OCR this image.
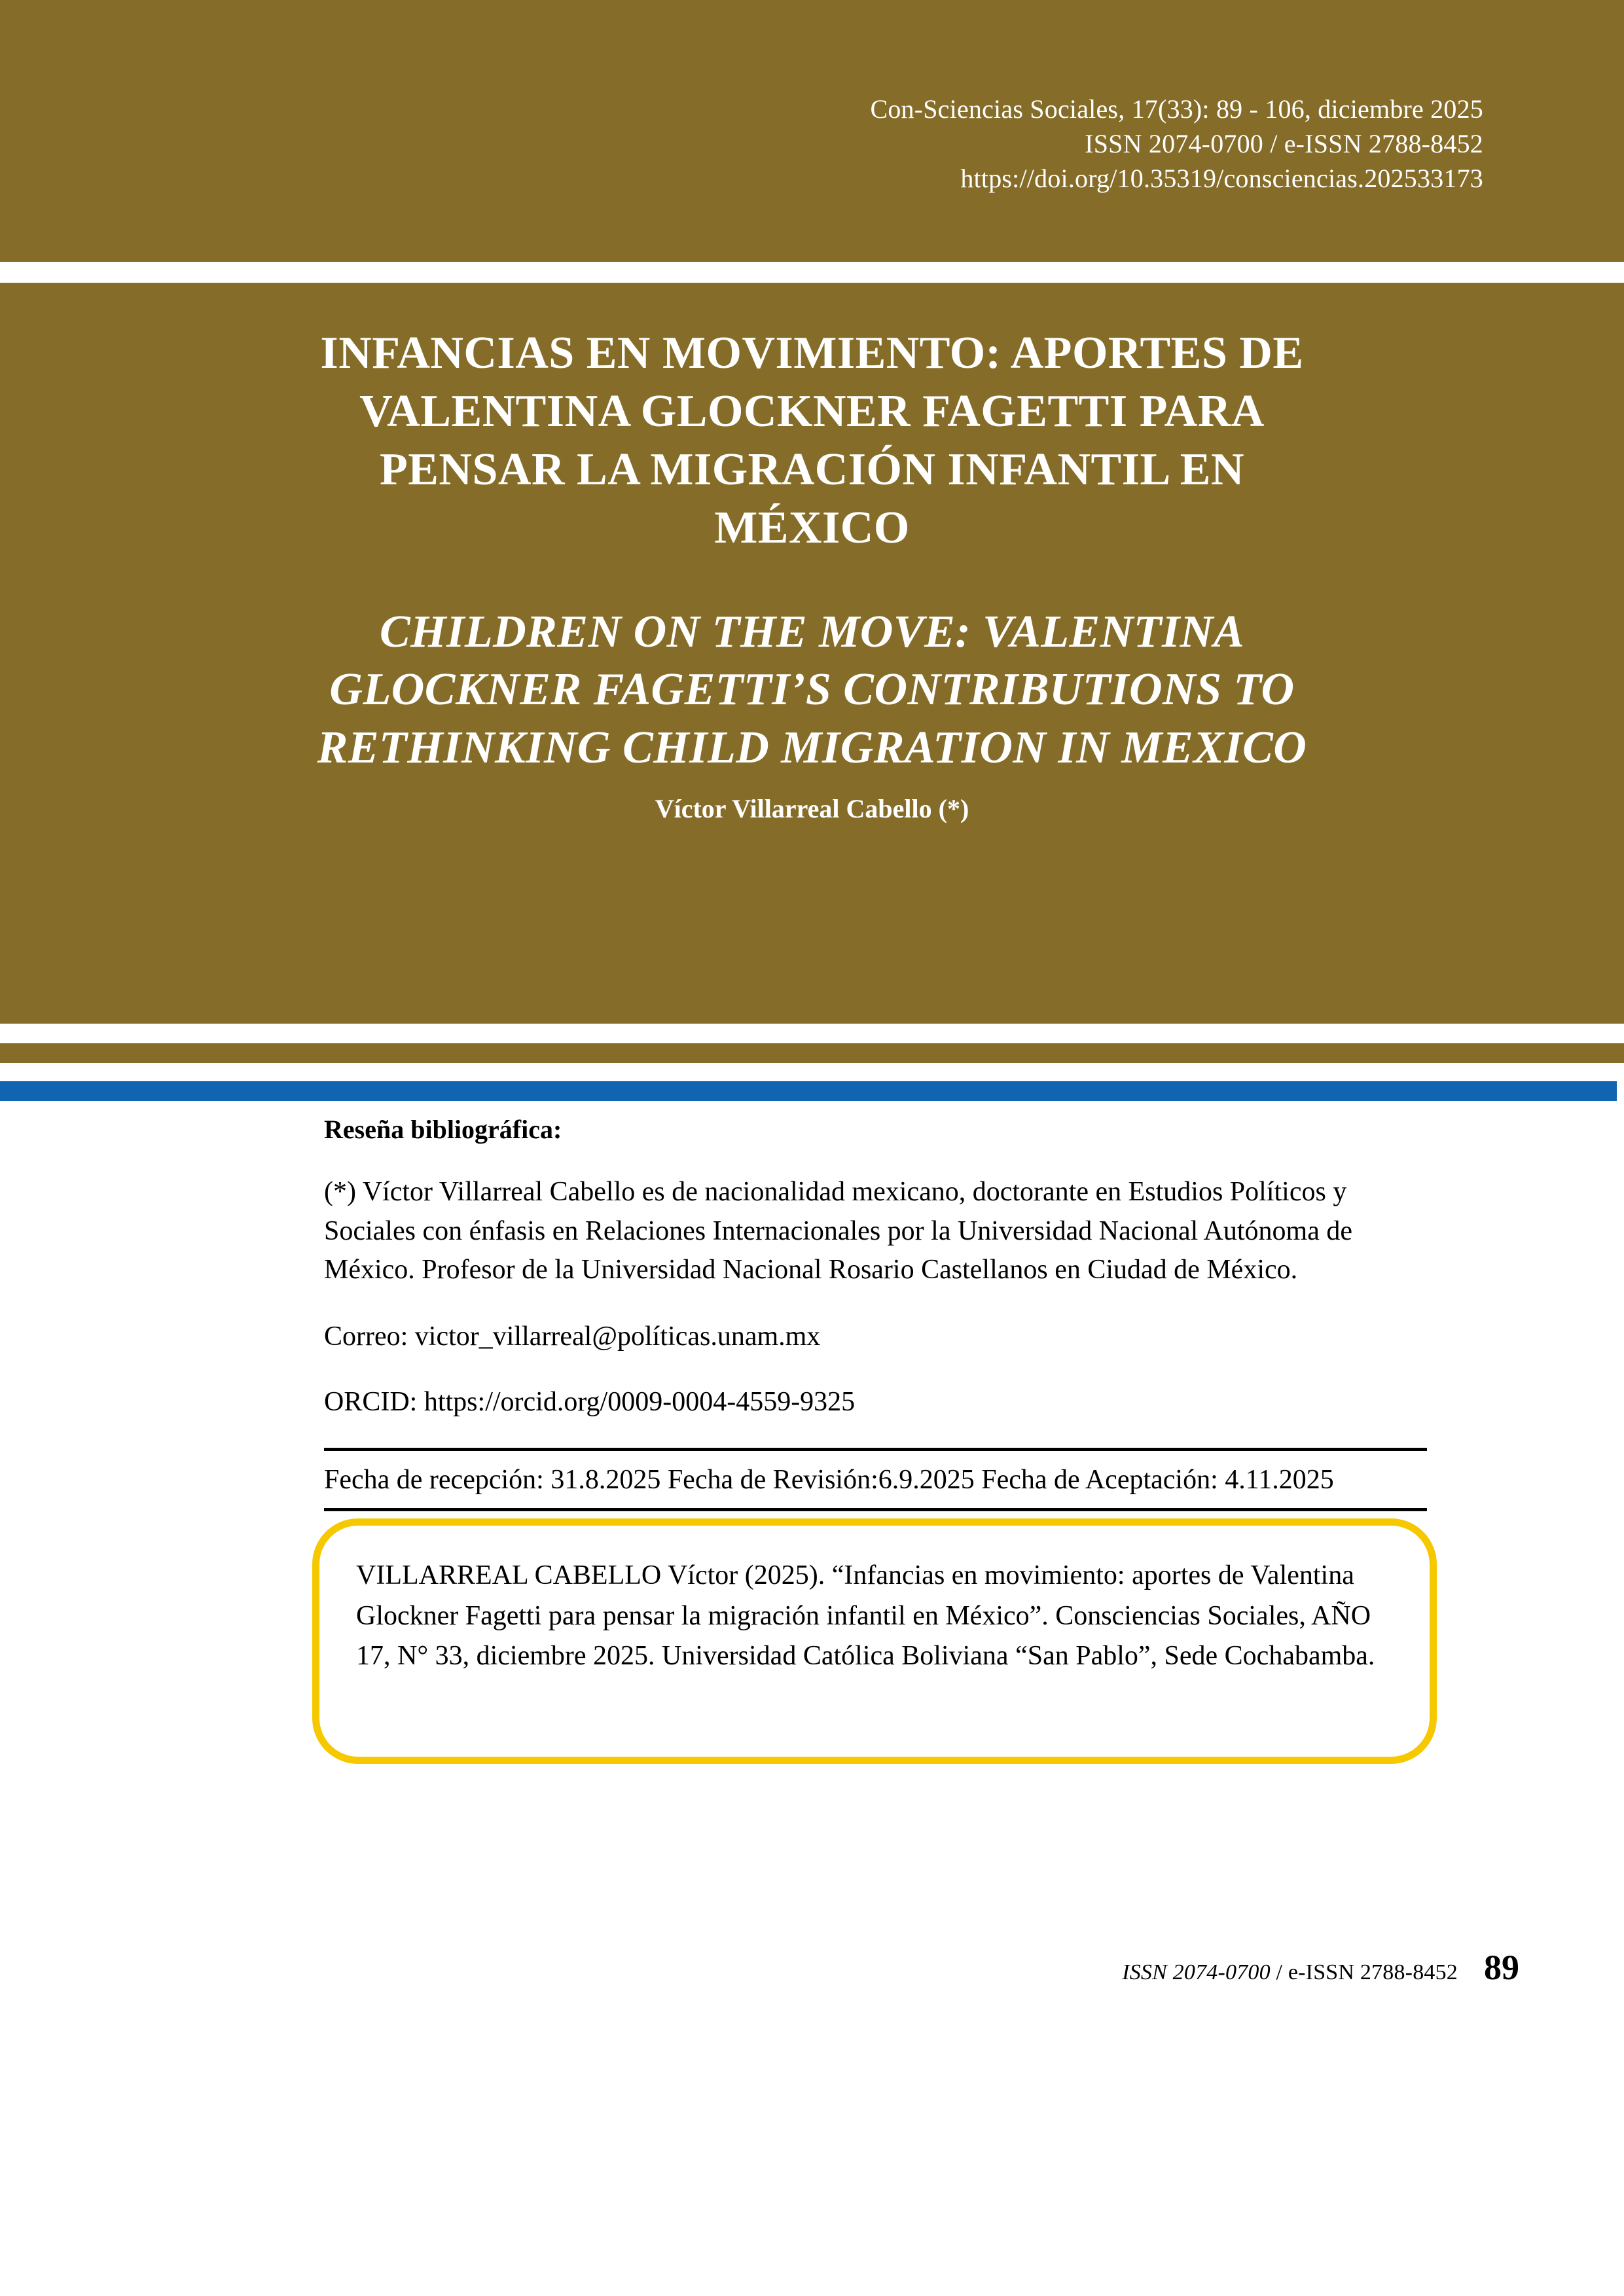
Con-Sciencias Sociales, 17(33): 89 - 106, diciembre 2025
ISSN 2074-0700 / e-ISSN 2788-8452
https://doi.org/10.35319/consciencias.202533173
INFANCIAS EN MOVIMIENTO: APORTES DE VALENTINA GLOCKNER FAGETTI PARA PENSAR LA MIGRACIÓN INFANTIL EN MÉXICO
CHILDREN ON THE MOVE: VALENTINA GLOCKNER FAGETTI’S CONTRIBUTIONS TO RETHINKING CHILD MIGRATION IN MEXICO
Víctor Villarreal Cabello (*)
Reseña bibliográfica:

(*) Víctor Villarreal Cabello es de nacionalidad mexicano, doctorante en Estudios Políticos y Sociales con énfasis en Relaciones Internacionales por la Universidad Nacional Autónoma de México. Profesor de la Universidad Nacional Rosario Castellanos en Ciudad de México.

Correo: victor_villarreal@políticas.unam.mx

ORCID: https://orcid.org/0009-0004-4559-9325

Fecha de recepción: 31.8.2025 Fecha de Revisión:6.9.2025 Fecha de Aceptación: 4.11.2025

VILLARREAL CABELLO Víctor (2025). “Infancias en movimiento: aportes de Valentina Glockner Fagetti para pensar la migración infantil en México”. Consciencias Sociales, AÑO 17, N° 33, diciembre 2025. Universidad Católica Boliviana “San Pablo”, Sede Cochabamba.

ISSN 2074-0700 / e-ISSN 2788-8452 89
